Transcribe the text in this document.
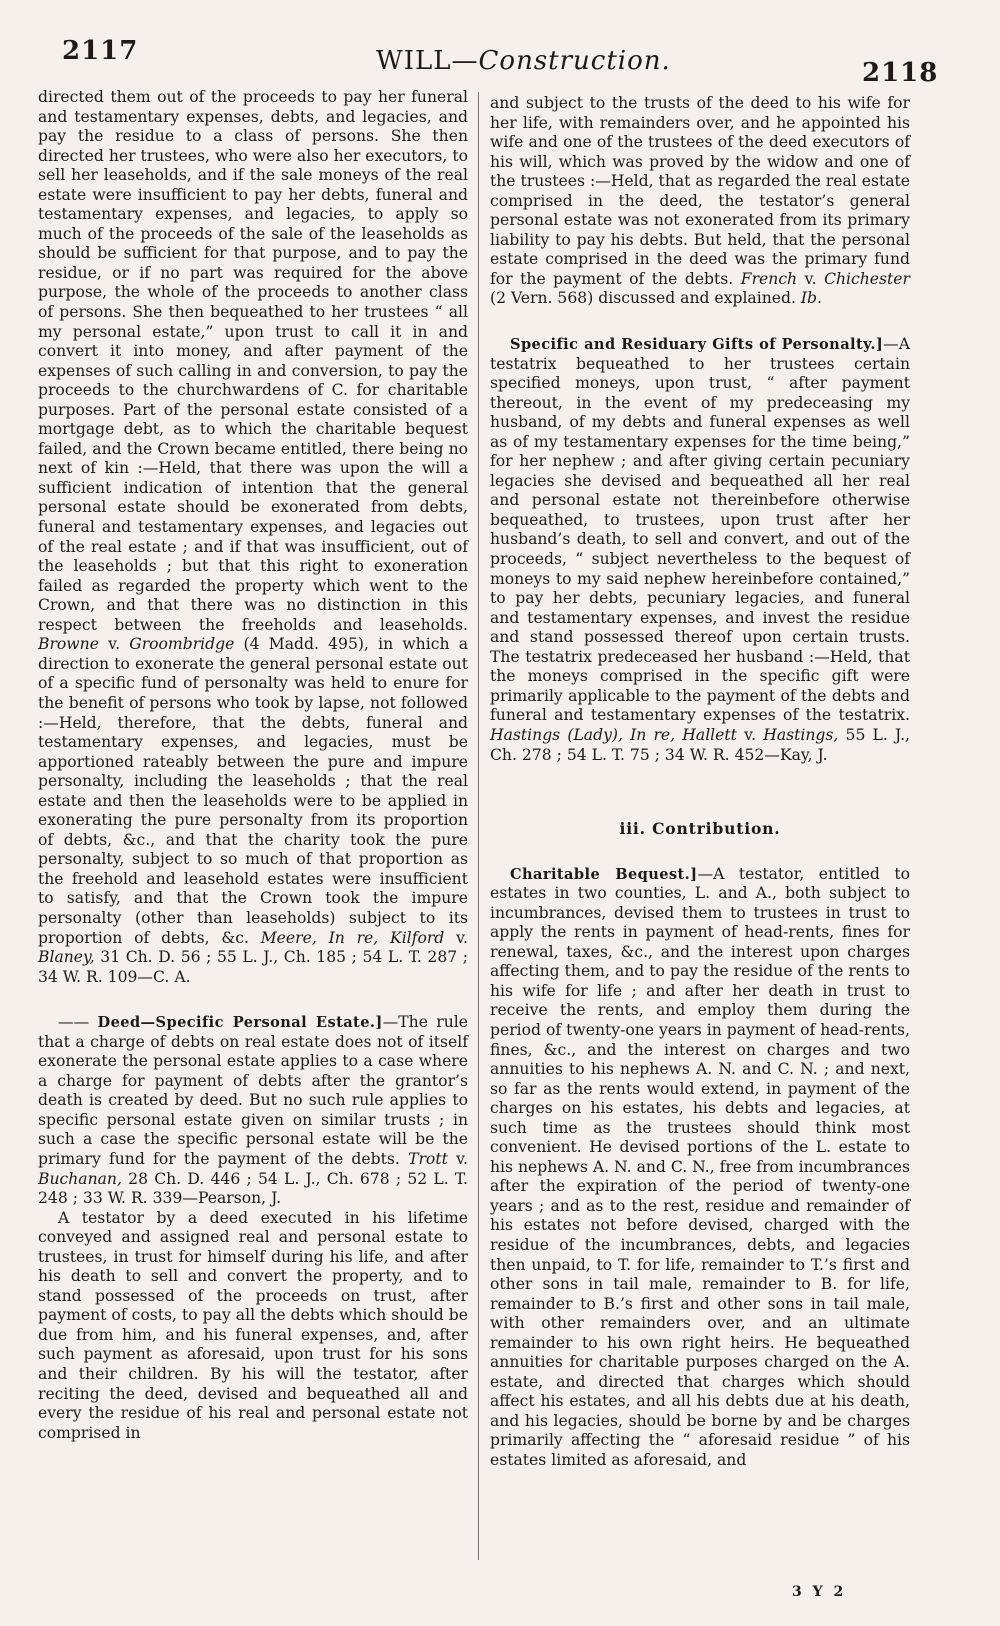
2117	WILL—Construction.	2118

directed them out of the proceeds to pay her funeral and testamentary expenses, debts, and legacies, and pay the residue to a class of persons. She then directed her trustees, who were also her executors, to sell her leaseholds, and if the sale moneys of the real estate were insufficient to pay her debts, funeral and testamentary expenses, and legacies, to apply so much of the proceeds of the sale of the leaseholds as should be sufficient for that purpose, and to pay the residue, or if no part was required for the above purpose, the whole of the proceeds to another class of persons. She then bequeathed to her trustees “ all my personal estate,” upon trust to call it in and convert it into money, and after payment of the expenses of such calling in and conversion, to pay the proceeds to the churchwardens of C. for charitable purposes. Part of the personal estate consisted of a mortgage debt, as to which the charitable bequest failed, and the Crown became entitled, there being no next of kin :—Held, that there was upon the will a sufficient indication of intention that the general personal estate should be exonerated from debts, funeral and testamentary expenses, and legacies out of the real estate ; and if that was insufficient, out of the leaseholds ; but that this right to exoneration failed as regarded the property which went to the Crown, and that there was no distinction in this respect between the freeholds and leaseholds. Browne v. Groombridge (4 Madd. 495), in which a direction to exonerate the general personal estate out of a specific fund of personalty was held to enure for the benefit of persons who took by lapse, not followed :—Held, therefore, that the debts, funeral and testamentary expenses, and legacies, must be apportioned rateably between the pure and impure personalty, including the leaseholds ; that the real estate and then the leaseholds were to be applied in exonerating the pure personalty from its proportion of debts, &c., and that the charity took the pure personalty, subject to so much of that proportion as the freehold and leasehold estates were insufficient to satisfy, and that the Crown took the impure personalty (other than leaseholds) subject to its proportion of debts, &c. Meere, In re, Kilford v. Blaney, 31 Ch. D. 56 ; 55 L. J., Ch. 185 ; 54 L. T. 287 ; 34 W. R. 109—C. A.

—— Deed—Specific Personal Estate.]—The rule that a charge of debts on real estate does not of itself exonerate the personal estate applies to a case where a charge for payment of debts after the grantor’s death is created by deed. But no such rule applies to specific personal estate given on similar trusts ; in such a case the specific personal estate will be the primary fund for the payment of the debts. Trott v. Buchanan, 28 Ch. D. 446 ; 54 L. J., Ch. 678 ; 52 L. T. 248 ; 33 W. R. 339—Pearson, J.

A testator by a deed executed in his lifetime conveyed and assigned real and personal estate to trustees, in trust for himself during his life, and after his death to sell and convert the property, and to stand possessed of the proceeds on trust, after payment of costs, to pay all the debts which should be due from him, and his funeral expenses, and, after such payment as aforesaid, upon trust for his sons and their children. By his will the testator, after reciting the deed, devised and bequeathed all and every the residue of his real and personal estate not comprised in

and subject to the trusts of the deed to his wife for her life, with remainders over, and he appointed his wife and one of the trustees of the deed executors of his will, which was proved by the widow and one of the trustees :—Held, that as regarded the real estate comprised in the deed, the testator’s general personal estate was not exonerated from its primary liability to pay his debts. But held, that the personal estate comprised in the deed was the primary fund for the payment of the debts. French v. Chichester (2 Vern. 568) discussed and explained. Ib.

Specific and Residuary Gifts of Personalty.]—A testatrix bequeathed to her trustees certain specified moneys, upon trust, “ after payment thereout, in the event of my predeceasing my husband, of my debts and funeral expenses as well as of my testamentary expenses for the time being,” for her nephew ; and after giving certain pecuniary legacies she devised and bequeathed all her real and personal estate not thereinbefore otherwise bequeathed, to trustees, upon trust after her husband’s death, to sell and convert, and out of the proceeds, “ subject nevertheless to the bequest of moneys to my said nephew hereinbefore contained,” to pay her debts, pecuniary legacies, and funeral and testamentary expenses, and invest the residue and stand possessed thereof upon certain trusts. The testatrix predeceased her husband :—Held, that the moneys comprised in the specific gift were primarily applicable to the payment of the debts and funeral and testamentary expenses of the testatrix. Hastings (Lady), In re, Hallett v. Hastings, 55 L. J., Ch. 278 ; 54 L. T. 75 ; 34 W. R. 452—Kay, J.

iii. Contribution.

Charitable Bequest.]—A testator, entitled to estates in two counties, L. and A., both subject to incumbrances, devised them to trustees in trust to apply the rents in payment of head-rents, fines for renewal, taxes, &c., and the interest upon charges affecting them, and to pay the residue of the rents to his wife for life ; and after her death in trust to receive the rents, and employ them during the period of twenty-one years in payment of head-rents, fines, &c., and the interest on charges and two annuities to his nephews A. N. and C. N. ; and next, so far as the rents would extend, in payment of the charges on his estates, his debts and legacies, at such time as the trustees should think most convenient. He devised portions of the L. estate to his nephews A. N. and C. N., free from incumbrances after the expiration of the period of twenty-one years ; and as to the rest, residue and remainder of his estates not before devised, charged with the residue of the incumbrances, debts, and legacies then unpaid, to T. for life, remainder to T.’s first and other sons in tail male, remainder to B. for life, remainder to B.’s first and other sons in tail male, with other remainders over, and an ultimate remainder to his own right heirs. He bequeathed annuities for charitable purposes charged on the A. estate, and directed that charges which should affect his estates, and all his debts due at his death, and his legacies, should be borne by and be charges primarily affecting the “ aforesaid residue ” of his estates limited as aforesaid, and

3 Y 2
